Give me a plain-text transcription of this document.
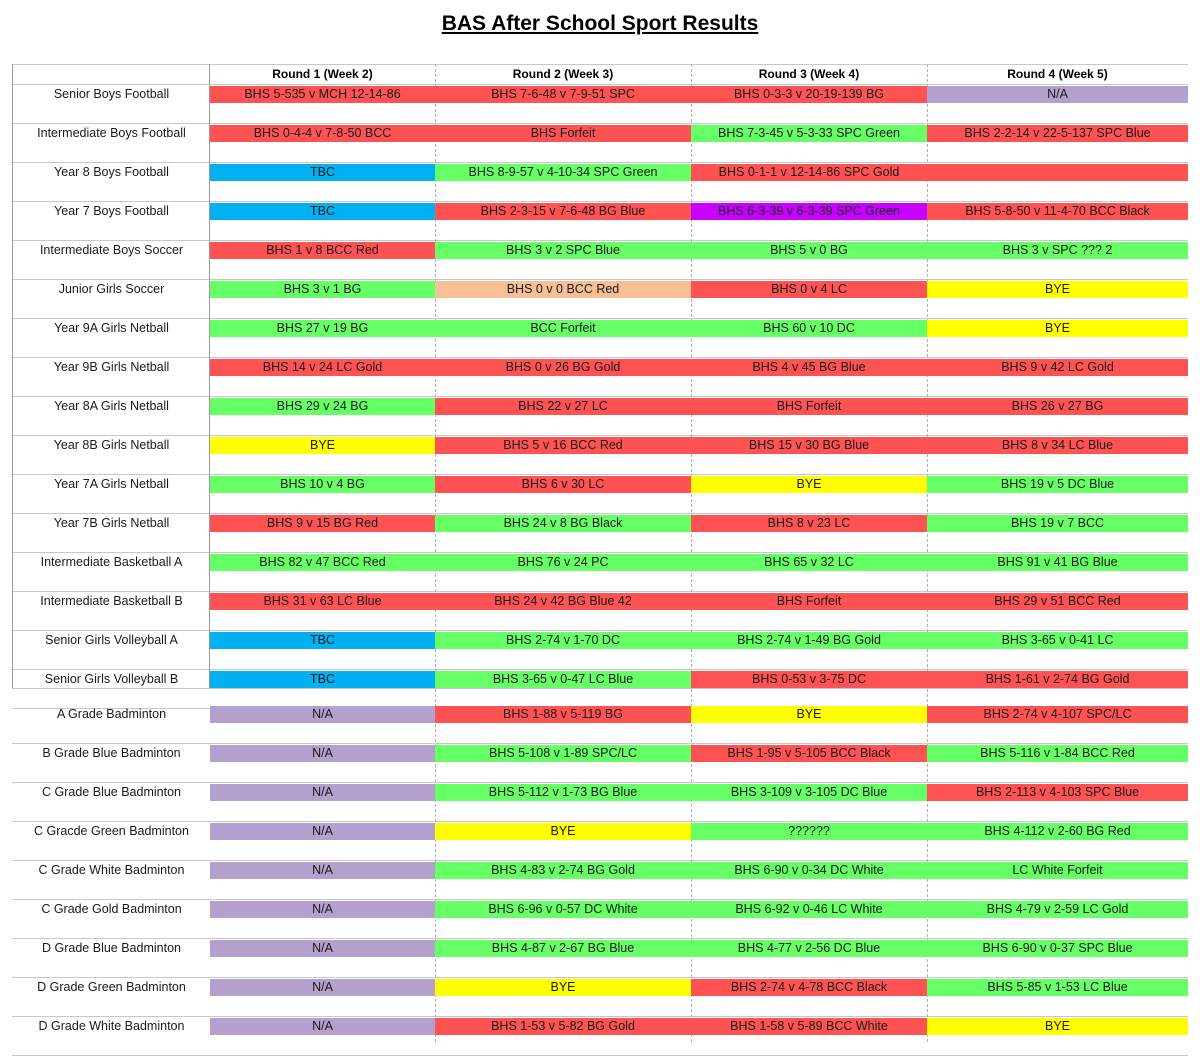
BAS After School Sport Results
Round 1 (Week 2)	Round 2 (Week 3)	Round 3 (Week 4)	Round 4 (Week 5)
Senior Boys Football	BHS 5-535 v MCH 12-14-86	BHS 7-6-48 v 7-9-51 SPC	BHS 0-3-3 v 20-19-139 BG	N/A
Intermediate Boys Football	BHS 0-4-4 v 7-8-50 BCC	BHS Forfeit	BHS 7-3-45 v 5-3-33 SPC Green	BHS 2-2-14 v 22-5-137 SPC Blue
Year 8 Boys Football	TBC	BHS 8-9-57 v 4-10-34 SPC Green	BHS 0-1-1 v 12-14-86 SPC Gold
Year 7 Boys Football	TBC	BHS 2-3-15 v 7-6-48 BG Blue	BHS 6-3-39 v 6-3-39 SPC Green	BHS 5-8-50 v 11-4-70 BCC Black
Intermediate Boys Soccer	BHS 1 v 8 BCC Red	BHS 3 v 2 SPC Blue	BHS 5 v 0 BG	BHS 3 v SPC ??? 2
Junior Girls Soccer	BHS 3 v 1 BG	BHS 0 v 0 BCC Red	BHS 0 v 4 LC	BYE
Year 9A Girls Netball	BHS 27 v 19 BG	BCC Forfeit	BHS 60 v 10 DC	BYE
Year 9B Girls Netball	BHS 14 v 24 LC Gold	BHS 0 v 26 BG Gold	BHS 4 v 45 BG Blue	BHS 9 v 42 LC Gold
Year 8A Girls Netball	BHS 29 v 24 BG	BHS 22 v 27 LC	BHS Forfeit	BHS 26 v 27 BG
Year 8B Girls Netball	BYE	BHS 5 v 16 BCC Red	BHS 15 v 30 BG Blue	BHS 8 v 34 LC Blue
Year 7A Girls Netball	BHS 10 v 4 BG	BHS 6 v 30 LC	BYE	BHS 19 v 5 DC Blue
Year 7B Girls Netball	BHS 9 v 15 BG Red	BHS 24 v 8 BG Black	BHS 8 v 23 LC	BHS 19 v 7 BCC
Intermediate Basketball A	BHS 82 v 47 BCC Red	BHS 76 v 24 PC	BHS 65 v 32 LC	BHS 91 v 41 BG Blue
Intermediate Basketball B	BHS 31 v 63 LC Blue	BHS 24 v 42 BG Blue 42	BHS Forfeit	BHS 29 v 51 BCC Red
Senior Girls Volleyball A	TBC	BHS 2-74 v 1-70 DC	BHS 2-74 v 1-49 BG Gold	BHS 3-65 v 0-41 LC
Senior Girls Volleyball B	TBC	BHS 3-65 v 0-47 LC Blue	BHS 0-53 v 3-75 DC	BHS 1-61 v 2-74 BG Gold
A Grade Badminton	N/A	BHS 1-88 v 5-119 BG	BYE	BHS 2-74 v 4-107 SPC/LC
B Grade Blue Badminton	N/A	BHS 5-108 v 1-89 SPC/LC	BHS 1-95 v 5-105 BCC Black	BHS 5-116 v 1-84 BCC Red
C Grade Blue Badminton	N/A	BHS 5-112 v 1-73 BG Blue	BHS 3-109 v 3-105 DC Blue	BHS 2-113 v 4-103 SPC Blue
C Gracde Green Badminton	N/A	BYE	??????	BHS 4-112 v 2-60 BG Red
C Grade White Badminton	N/A	BHS 4-83 v 2-74 BG Gold	BHS 6-90 v 0-34 DC White	LC White Forfeit
C Grade Gold Badminton	N/A	BHS 6-96 v 0-57 DC White	BHS 6-92 v 0-46 LC White	BHS 4-79 v 2-59 LC Gold
D Grade Blue Badminton	N/A	BHS 4-87 v 2-67 BG Blue	BHS 4-77 v 2-56 DC Blue	BHS 6-90 v 0-37 SPC Blue
D Grade Green Badminton	N/A	BYE	BHS 2-74 v 4-78 BCC Black	BHS 5-85 v 1-53 LC Blue
D Grade White Badminton	N/A	BHS 1-53 v 5-82 BG Gold	BHS 1-58 v 5-89 BCC White	BYE
